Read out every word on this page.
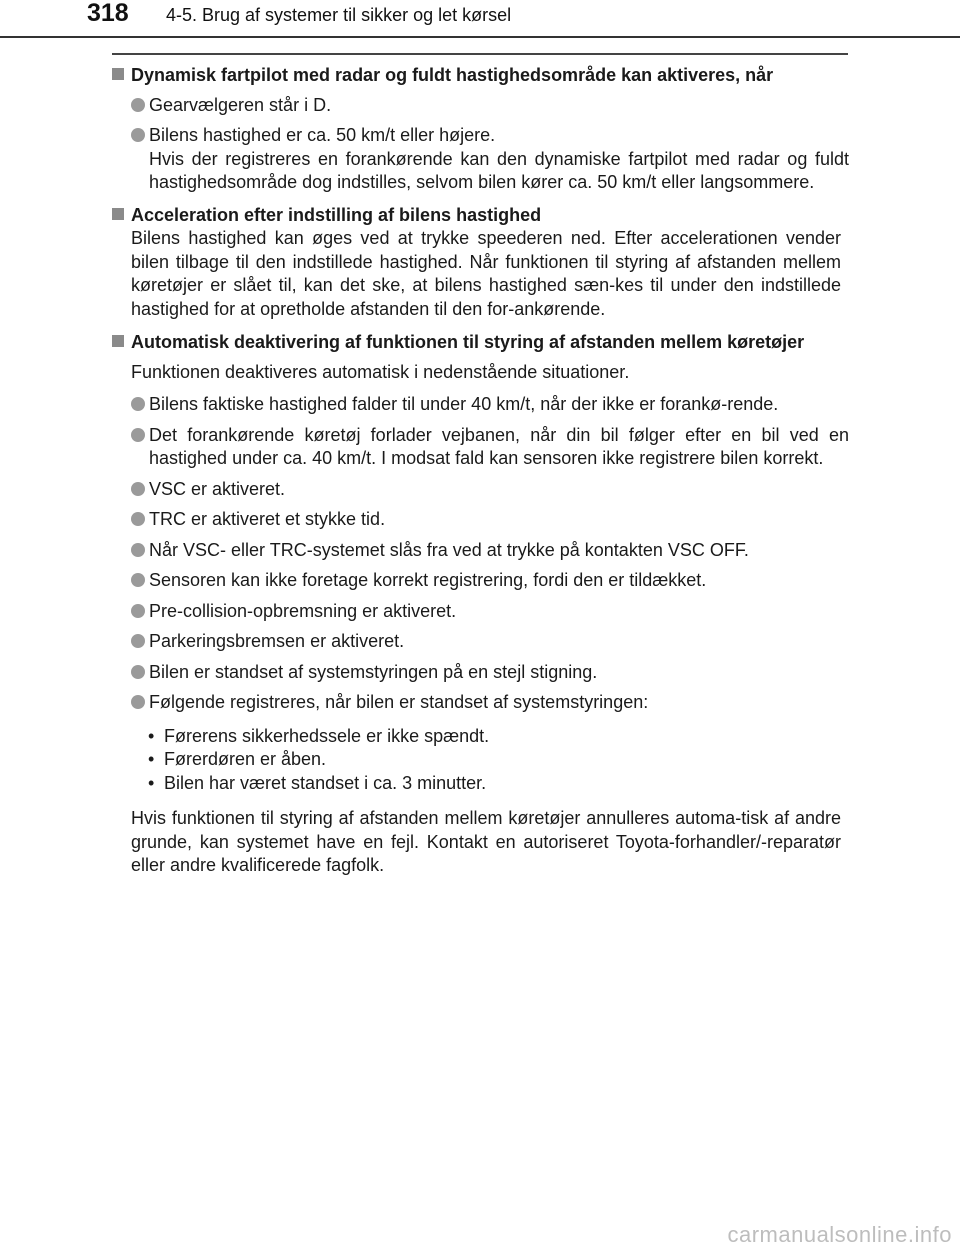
318 4-5. Brug af systemer til sikker og let kørsel
Dynamisk fartpilot med radar og fuldt hastighedsområde kan aktiveres, når
Gearvælgeren står i D.
Bilens hastighed er ca. 50 km/t eller højere.
Hvis der registreres en forankørende kan den dynamiske fartpilot med radar og fuldt hastighedsområde dog indstilles, selvom bilen kører ca. 50 km/t eller langsommere.
Acceleration efter indstilling af bilens hastighed
Bilens hastighed kan øges ved at trykke speederen ned. Efter accelerationen vender bilen tilbage til den indstillede hastighed. Når funktionen til styring af afstanden mellem køretøjer er slået til, kan det ske, at bilens hastighed sæn-kes til under den indstillede hastighed for at opretholde afstanden til den for-ankørende.
Automatisk deaktivering af funktionen til styring af afstanden mellem køretøjer
Funktionen deaktiveres automatisk i nedenstående situationer.
Bilens faktiske hastighed falder til under 40 km/t, når der ikke er forankø-rende.
Det forankørende køretøj forlader vejbanen, når din bil følger efter en bil ved en hastighed under ca. 40 km/t. I modsat fald kan sensoren ikke registrere bilen korrekt.
VSC er aktiveret.
TRC er aktiveret et stykke tid.
Når VSC- eller TRC-systemet slås fra ved at trykke på kontakten VSC OFF.
Sensoren kan ikke foretage korrekt registrering, fordi den er tildækket.
Pre-collision-opbremsning er aktiveret.
Parkeringsbremsen er aktiveret.
Bilen er standset af systemstyringen på en stejl stigning.
Følgende registreres, når bilen er standset af systemstyringen:
• Førerens sikkerhedssele er ikke spændt.
• Førerdøren er åben.
• Bilen har været standset i ca. 3 minutter.
Hvis funktionen til styring af afstanden mellem køretøjer annulleres automa-tisk af andre grunde, kan systemet have en fejl. Kontakt en autoriseret Toyota-forhandler/-reparatør eller andre kvalificerede fagfolk.
carmanualsonline.info
